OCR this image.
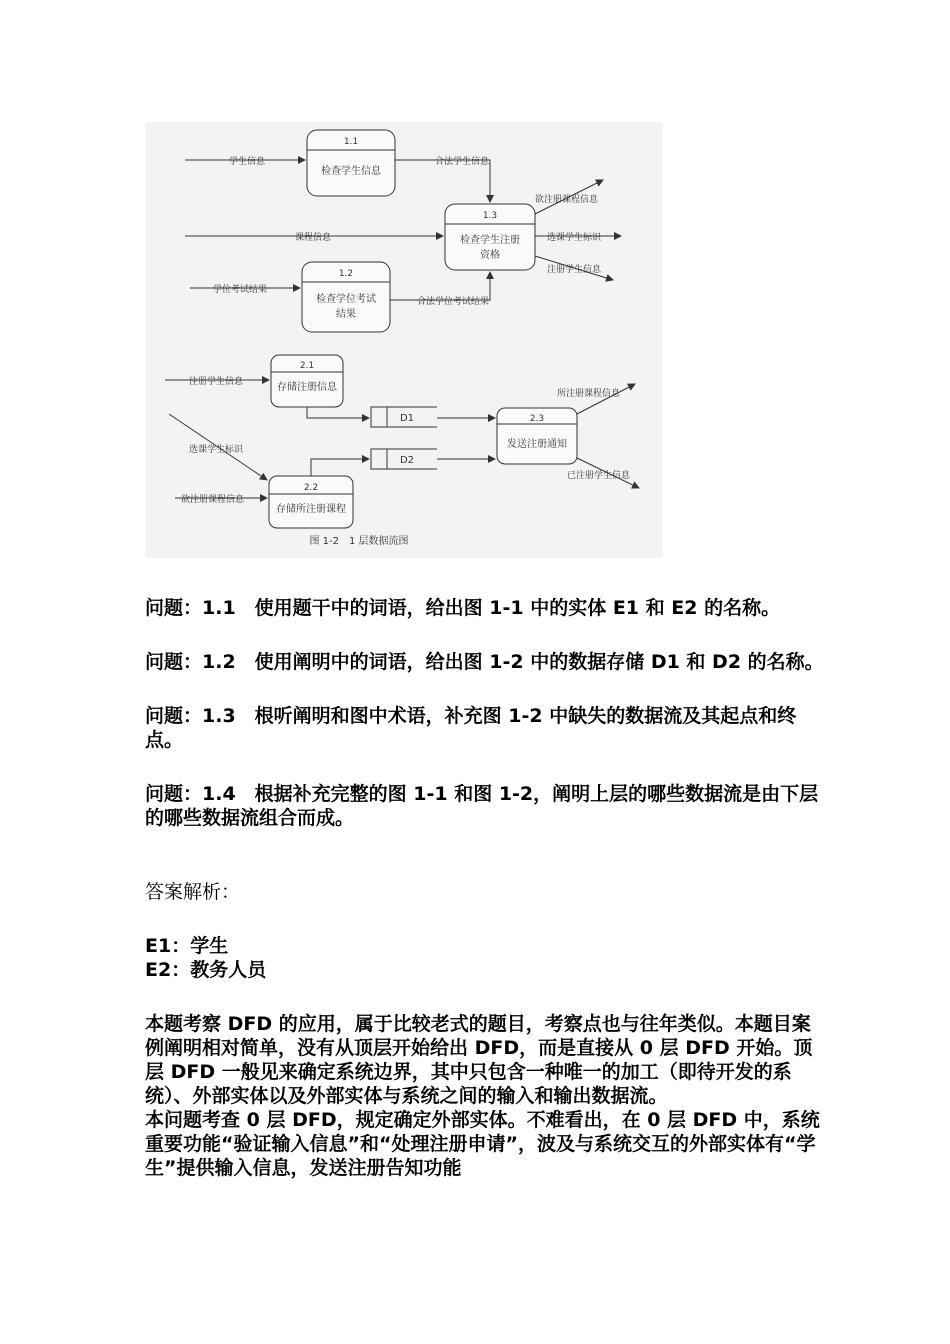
1.1
检查学生信息
1.3
检查学生注册
资格
1.2
检查学位考试
结果
2.1
存储注册信息
2.3
发送注册通知
2.2
存储所注册课程
D1
D2
学生信息	合法学生信息
课程信息
欲注册课程信息
选课学生标识
注册学生信息
学位考试结果
合法学位考试结果
注册学生信息
所注册课程信息
选课学生标识
已注册学生信息
欲注册课程信息
图 1-2　1 层数据流图

问题：1.1　使用题干中的词语，给出图 1-1 中的实体 E1 和 E2 的名称。

问题：1.2　使用阐明中的词语，给出图 1-2 中的数据存储 D1 和 D2 的名称。

问题：1.3　根听阐明和图中术语，补充图 1-2 中缺失的数据流及其起点和终点。

问题：1.4　根据补充完整的图 1-1 和图 1-2，阐明上层的哪些数据流是由下层的哪些数据流组合而成。

答案解析：

E1：学生

E2：教务人员

本题考察 DFD 的应用，属于比较老式的题目，考察点也与往年类似。本题目案例阐明相对简单，没有从顶层开始给出 DFD，而是直接从 0 层 DFD 开始。顶层 DFD 一般见来确定系统边界，其中只包含一种唯一的加工（即待开发的系统）、外部实体以及外部实体与系统之间的输入和输出数据流。

本问题考查 0 层 DFD，规定确定外部实体。不难看出，在 0 层 DFD 中，系统重要功能“验证输入信息”和“处理注册申请”，波及与系统交互的外部实体有“学生”提供输入信息，发送注册告知功能
